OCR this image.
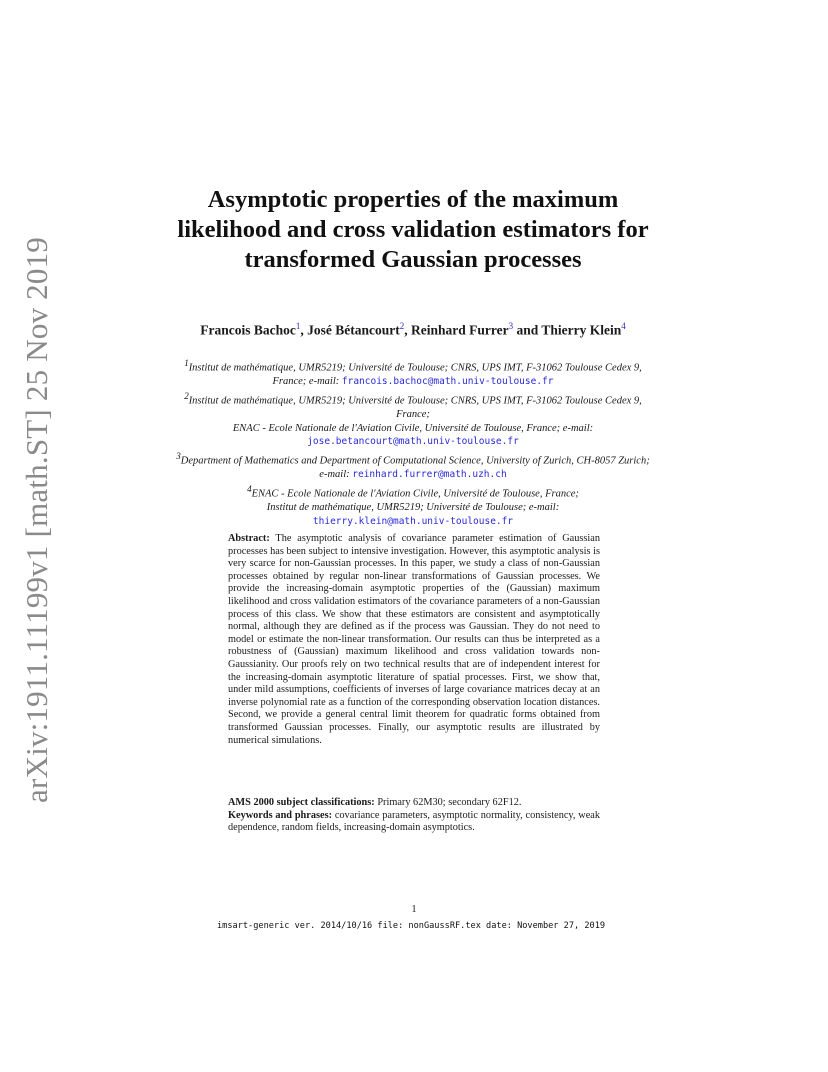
arXiv:1911.11199v1 [math.ST] 25 Nov 2019
Asymptotic properties of the maximum likelihood and cross validation estimators for transformed Gaussian processes
Francois Bachoc$^1$, José Bétancourt$^2$, Reinhard Furrer$^3$ and Thierry Klein$^4$
$^1$Institut de mathématique, UMR5219; Université de Toulouse; CNRS, UPS IMT, F-31062 Toulouse Cedex 9, France; e-mail: francois.bachoc@math.univ-toulouse.fr
$^2$Institut de mathématique, UMR5219; Université de Toulouse; CNRS, UPS IMT, F-31062 Toulouse Cedex 9, France;
ENAC - Ecole Nationale de l'Aviation Civile, Université de Toulouse, France; e-mail:
jose.betancourt@math.univ-toulouse.fr
$^3$Department of Mathematics and Department of Computational Science, University of Zurich, CH-8057 Zurich; e-mail: reinhard.furrer@math.uzh.ch
$^4$ENAC - Ecole Nationale de l'Aviation Civile, Université de Toulouse, France;
Institut de mathématique, UMR5219; Université de Toulouse; e-mail:
thierry.klein@math.univ-toulouse.fr
Abstract: The asymptotic analysis of covariance parameter estimation of Gaussian processes has been subject to intensive investigation. However, this asymptotic analysis is very scarce for non-Gaussian processes. In this paper, we study a class of non-Gaussian processes obtained by regular non-linear transformations of Gaussian processes. We provide the increasing-domain asymptotic properties of the (Gaussian) maximum likelihood and cross validation estimators of the covariance parameters of a non-Gaussian process of this class. We show that these estimators are consistent and asymptotically normal, although they are defined as if the process was Gaussian. They do not need to model or estimate the non-linear transformation. Our results can thus be interpreted as a robustness of (Gaussian) maximum likelihood and cross validation towards non-Gaussianity. Our proofs rely on two technical results that are of independent interest for the increasing-domain asymptotic literature of spatial processes. First, we show that, under mild assumptions, coefficients of inverses of large covariance matrices decay at an inverse polynomial rate as a function of the corresponding observation location distances. Second, we provide a general central limit theorem for quadratic forms obtained from transformed Gaussian processes. Finally, our asymptotic results are illustrated by numerical simulations.
AMS 2000 subject classifications: Primary 62M30; secondary 62F12.
Keywords and phrases: covariance parameters, asymptotic normality, consistency, weak dependence, random fields, increasing-domain asymptotics.
1
imsart-generic ver. 2014/10/16 file: nonGaussRF.tex date: November 27, 2019
